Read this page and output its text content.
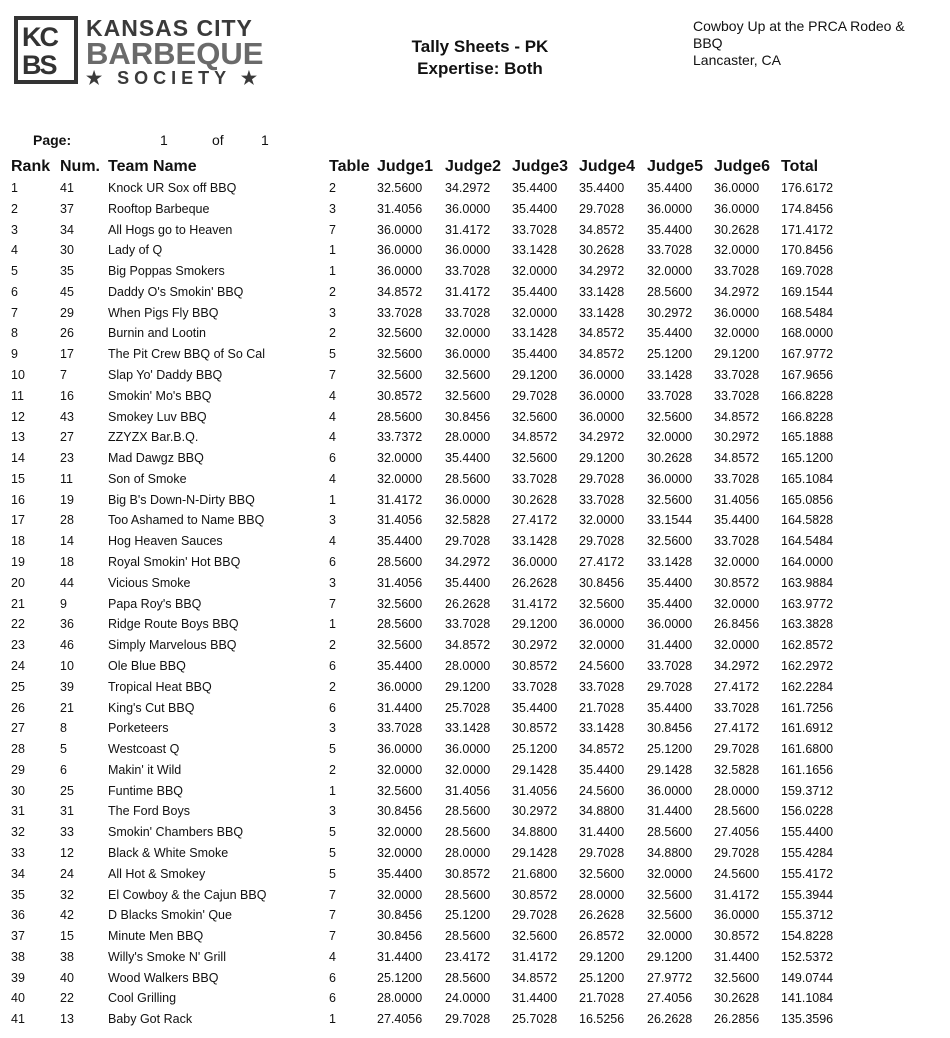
KC
BS
KANSAS CITY
BARBEQUE
★ SOCIETY ★
Tally Sheets - PK
Expertise: Both
Cowboy Up at the PRCA Rodeo &
BBQ
Lancaster, CA
Page:	1	of	1
Rank Num. Team Name	Table Judge1 Judge2 Judge3 Judge4 Judge5 Judge6 Total
1	41	Knock UR Sox off BBQ	2	32.5600 34.2972 35.4400 35.4400 35.4400 36.0000 176.6172
2	37	Rooftop Barbeque	3	31.4056 36.0000 35.4400 29.7028 36.0000 36.0000 174.8456
3	34	All Hogs go to Heaven	7	36.0000 31.4172 33.7028 34.8572 35.4400 30.2628 171.4172
4	30	Lady of Q	1	36.0000 36.0000 33.1428 30.2628 33.7028 32.0000 170.8456
5	35	Big Poppas Smokers	1	36.0000 33.7028 32.0000 34.2972 32.0000 33.7028 169.7028
6	45	Daddy O's Smokin' BBQ	2	34.8572 31.4172 35.4400 33.1428 28.5600 34.2972 169.1544
7	29	When Pigs Fly BBQ	3	33.7028 33.7028 32.0000 33.1428 30.2972 36.0000 168.5484
8	26	Burnin and Lootin	2	32.5600 32.0000 33.1428 34.8572 35.4400 32.0000 168.0000
9	17	The Pit Crew BBQ of So Cal	5	32.5600 36.0000 35.4400 34.8572 25.1200 29.1200 167.9772
10	7	Slap Yo' Daddy BBQ	7	32.5600 32.5600 29.1200 36.0000 33.1428 33.7028 167.9656
11	16	Smokin' Mo's BBQ	4	30.8572 32.5600 29.7028 36.0000 33.7028 33.7028 166.8228
12	43	Smokey Luv BBQ	4	28.5600 30.8456 32.5600 36.0000 32.5600 34.8572 166.8228
13	27	ZZYZX Bar.B.Q.	4	33.7372 28.0000 34.8572 34.2972 32.0000 30.2972 165.1888
14	23	Mad Dawgz BBQ	6	32.0000 35.4400 32.5600 29.1200 30.2628 34.8572 165.1200
15	11	Son of Smoke	4	32.0000 28.5600 33.7028 29.7028 36.0000 33.7028 165.1084
16	19	Big B's Down-N-Dirty BBQ	1	31.4172 36.0000 30.2628 33.7028 32.5600 31.4056 165.0856
17	28	Too Ashamed to Name BBQ	3	31.4056 32.5828 27.4172 32.0000 33.1544 35.4400 164.5828
18	14	Hog Heaven Sauces	4	35.4400 29.7028 33.1428 29.7028 32.5600 33.7028 164.5484
19	18	Royal Smokin' Hot BBQ	6	28.5600 34.2972 36.0000 27.4172 33.1428 32.0000 164.0000
20	44	Vicious Smoke	3	31.4056 35.4400 26.2628 30.8456 35.4400 30.8572 163.9884
21	9	Papa Roy's BBQ	7	32.5600 26.2628 31.4172 32.5600 35.4400 32.0000 163.9772
22	36	Ridge Route Boys BBQ	1	28.5600 33.7028 29.1200 36.0000 36.0000 26.8456 163.3828
23	46	Simply Marvelous BBQ	2	32.5600 34.8572 30.2972 32.0000 31.4400 32.0000 162.8572
24	10	Ole Blue BBQ	6	35.4400 28.0000 30.8572 24.5600 33.7028 34.2972 162.2972
25	39	Tropical Heat BBQ	2	36.0000 29.1200 33.7028 33.7028 29.7028 27.4172 162.2284
26	21	King's Cut BBQ	6	31.4400 25.7028 35.4400 21.7028 35.4400 33.7028 161.7256
27	8	Porketeers	3	33.7028 33.1428 30.8572 33.1428 30.8456 27.4172 161.6912
28	5	Westcoast Q	5	36.0000 36.0000 25.1200 34.8572 25.1200 29.7028 161.6800
29	6	Makin' it Wild	2	32.0000 32.0000 29.1428 35.4400 29.1428 32.5828 161.1656
30	25	Funtime BBQ	1	32.5600 31.4056 31.4056 24.5600 36.0000 28.0000 159.3712
31	31	The Ford Boys	3	30.8456 28.5600 30.2972 34.8800 31.4400 28.5600 156.0228
32	33	Smokin' Chambers BBQ	5	32.0000 28.5600 34.8800 31.4400 28.5600 27.4056 155.4400
33	12	Black & White Smoke	5	32.0000 28.0000 29.1428 29.7028 34.8800 29.7028 155.4284
34	24	All Hot & Smokey	5	35.4400 30.8572 21.6800 32.5600 32.0000 24.5600 155.4172
35	32	El Cowboy & the Cajun BBQ	7	32.0000 28.5600 30.8572 28.0000 32.5600 31.4172 155.3944
36	42	D Blacks Smokin' Que	7	30.8456 25.1200 29.7028 26.2628 32.5600 36.0000 155.3712
37	15	Minute Men BBQ	7	30.8456 28.5600 32.5600 26.8572 32.0000 30.8572 154.8228
38	38	Willy's Smoke N' Grill	4	31.4400 23.4172 31.4172 29.1200 29.1200 31.4400 152.5372
39	40	Wood Walkers BBQ	6	25.1200 28.5600 34.8572 25.1200 27.9772 32.5600 149.0744
40	22	Cool Grilling	6	28.0000 24.0000 31.4400 21.7028 27.4056 30.2628 141.1084
41	13	Baby Got Rack	1	27.4056 29.7028 25.7028 16.5256 26.2628 26.2856 135.3596
